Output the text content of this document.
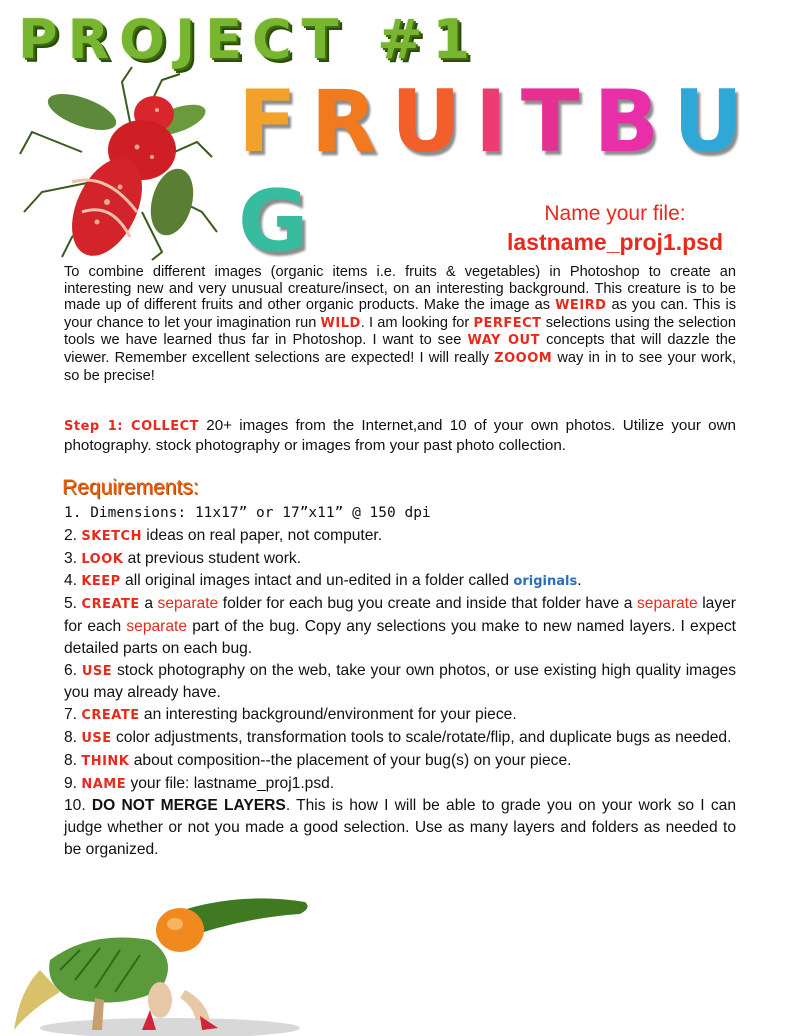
PROJECT #1
FRUITBUG	Name your file:
lastname_proj1.psd
To combine different images (organic items i.e. fruits & vegetables) in Photoshop to create an interesting new and very unusual creature/insect, on an interesting background. This creature is to be made up of different fruits and other organic products. Make the image as WEIRD as you can. This is your chance to let your imagination run WILD. I am looking for PERFECT selections using the selection tools we have learned thus far in Photoshop. I want to see WAY OUT concepts that will dazzle the viewer. Remember excellent selections are expected! I will really ZOOOM way in in to see your work, so be precise!
Step 1: COLLECT 20+ images from the Internet,and 10 of your own photos. Utilize your own photography. stock photography or images from your past photo collection.
Requirements:

1. Dimensions: 11x17” or 17”x11” @ 150 dpi

2. SKETCH ideas on real paper, not computer.

3. LOOK at previous student work.

4. KEEP all original images intact and un-edited in a folder called originals.

5. CREATE a separate folder for each bug you create and inside that folder have a separate layer for each separate part of the bug. Copy any selections you make to new named layers. I expect detailed parts on each bug.

6. USE stock photography on the web, take your own photos, or use existing high quality images you may already have.

7. CREATE an interesting background/environment for your piece.

8. USE color adjustments, transformation tools to scale/rotate/flip, and duplicate bugs as needed.

8. THINK about composition--the placement of your bug(s) on your piece.

9. NAME your file: lastname_proj1.psd.

10. DO NOT MERGE LAYERS. This is how I will be able to grade you on your work so I can judge whether or not you made a good selection. Use as many layers and folders as needed to be organized.
